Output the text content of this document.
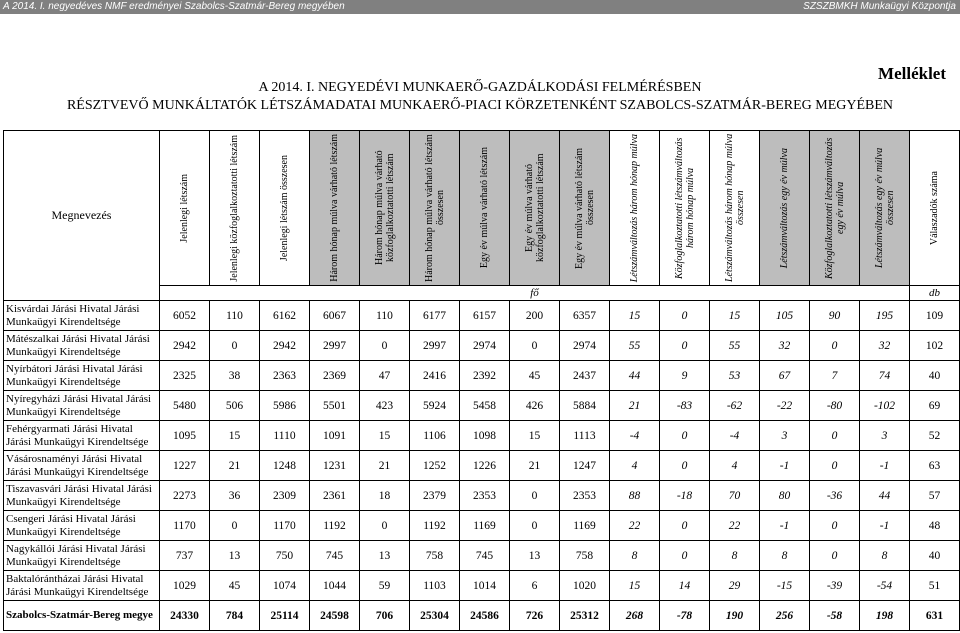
A 2014. I. negyedéves NMF eredményei Szabolcs-Szatmár-Bereg megyében	SZSZBMKH Munkaügyi Központja
Melléklet
A 2014. I. NEGYEDÉVI MUNKAERŐ-GAZDÁLKODÁSI FELMÉRÉSBEN
RÉSZTVEVŐ MUNKÁLTATÓK LÉTSZÁMADATAI MUNKAERŐ-PIACI KÖRZETENKÉNT SZABOLCS-SZATMÁR-BEREG MEGYÉBEN
Megnevezés	Jelenlegi létszám	Jelenlegi közfoglalkoztatotti létszám	Jelenlegi létszám összesen	Három hónap múlva várható létszám	Három hónap múlva várható közfoglalkoztatotti létszám	Három hónap múlva várható létszám összesen	Egy év múlva várható létszám	Egy év múlva várható közfoglalkoztatotti létszám	Egy év múlva várható létszám összesen	Létszámváltozás három hónap múlva	Közfoglalkoztatotti létszámváltozás három hónap múlva	Létszámváltozás három hónap múlva összesen	Létszámváltozás egy év múlva	Közfoglalkoztatotti létszámváltozás egy év múlva	Létszámváltozás egy év múlva összesen	Válaszadók száma

	fő															db
Kisvárdai Járási Hivatal Járási Munkaügyi Kirendeltsége	6052	110	6162	6067	110	6177	6157	200	6357	15	0	15	105	90	195	109
Mátészalkai Járási Hivatal Járási Munkaügyi Kirendeltsége	2942	0	2942	2997	0	2997	2974	0	2974	55	0	55	32	0	32	102
Nyírbátori Járási Hivatal Járási Munkaügyi Kirendeltsége	2325	38	2363	2369	47	2416	2392	45	2437	44	9	53	67	7	74	40
Nyíregyházi Járási Hivatal Járási Munkaügyi Kirendeltsége	5480	506	5986	5501	423	5924	5458	426	5884	21	-83	-62	-22	-80	-102	69
Fehérgyarmati Járási Hivatal Járási Munkaügyi Kirendeltsége	1095	15	1110	1091	15	1106	1098	15	1113	-4	0	-4	3	0	3	52
Vásárosnaményi Járási Hivatal Járási Munkaügyi Kirendeltsége	1227	21	1248	1231	21	1252	1226	21	1247	4	0	4	-1	0	-1	63
Tiszavasvári Járási Hivatal Járási Munkaügyi Kirendeltsége	2273	36	2309	2361	18	2379	2353	0	2353	88	-18	70	80	-36	44	57
Csengeri Járási Hivatal Járási Munkaügyi Kirendeltsége	1170	0	1170	1192	0	1192	1169	0	1169	22	0	22	-1	0	-1	48
Nagykállói Járási Hivatal Járási Munkaügyi Kirendeltsége	737	13	750	745	13	758	745	13	758	8	0	8	8	0	8	40
Baktalórántházai Járási Hivatal Járási Munkaügyi Kirendeltsége	1029	45	1074	1044	59	1103	1014	6	1020	15	14	29	-15	-39	-54	51
Szabolcs-Szatmár-Bereg megye	24330	784	25114	24598	706	25304	24586	726	25312	268	-78	190	256	-58	198	631
